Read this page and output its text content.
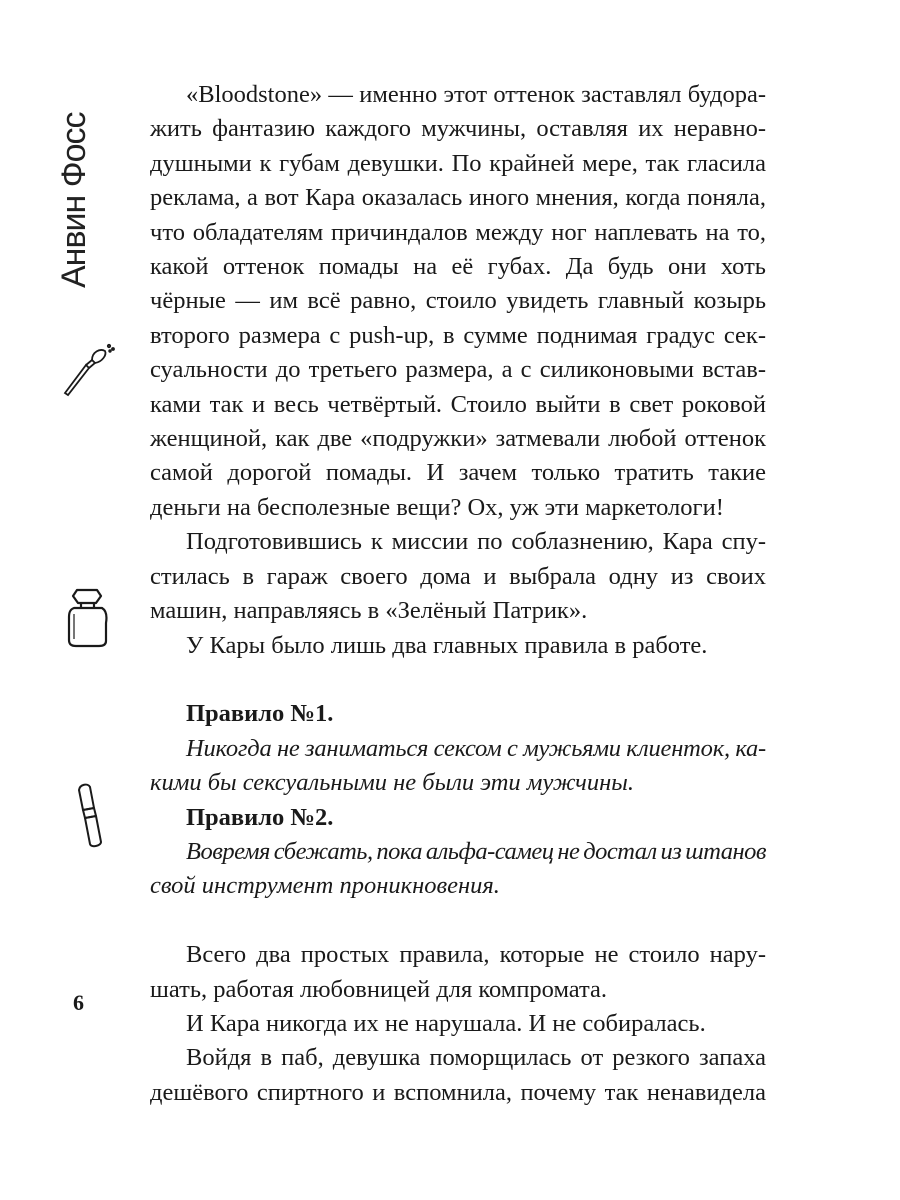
Анвин Фосс
6
«Bloodstone» — именно этот оттенок заставлял будора-
жить фантазию каждого мужчины, оставляя их неравно-
душными к губам девушки. По крайней мере, так гласила
реклама, а вот Кара оказалась иного мнения, когда поняла,
что обладателям причиндалов между ног наплевать на то,
какой оттенок помады на её губах. Да будь они хоть
чёрные — им всё равно, стоило увидеть главный козырь
второго размера с push-up, в сумме поднимая градус сек-
суальности до третьего размера, а с силиконовыми встав-
ками так и весь четвёртый. Стоило выйти в свет роковой
женщиной, как две «подружки» затмевали любой оттенок
самой дорогой помады. И зачем только тратить такие
деньги на бесполезные вещи? Ох, уж эти маркетологи!
Подготовившись к миссии по соблазнению, Кара спу-
стилась в гараж своего дома и выбрала одну из своих
машин, направляясь в «Зелёный Патрик».
У Кары было лишь два главных правила в работе.
Правило №1.
Никогда не заниматься сексом с мужьями клиенток, ка-
кими бы сексуальными не были эти мужчины.
Правило №2.
Вовремя сбежать, пока альфа-самец не достал из штанов
свой инструмент проникновения.
Всего два простых правила, которые не стоило нару-
шать, работая любовницей для компромата.
И Кара никогда их не нарушала. И не собиралась.
Войдя в паб, девушка поморщилась от резкого запаха
дешёвого спиртного и вспомнила, почему так ненавидела
